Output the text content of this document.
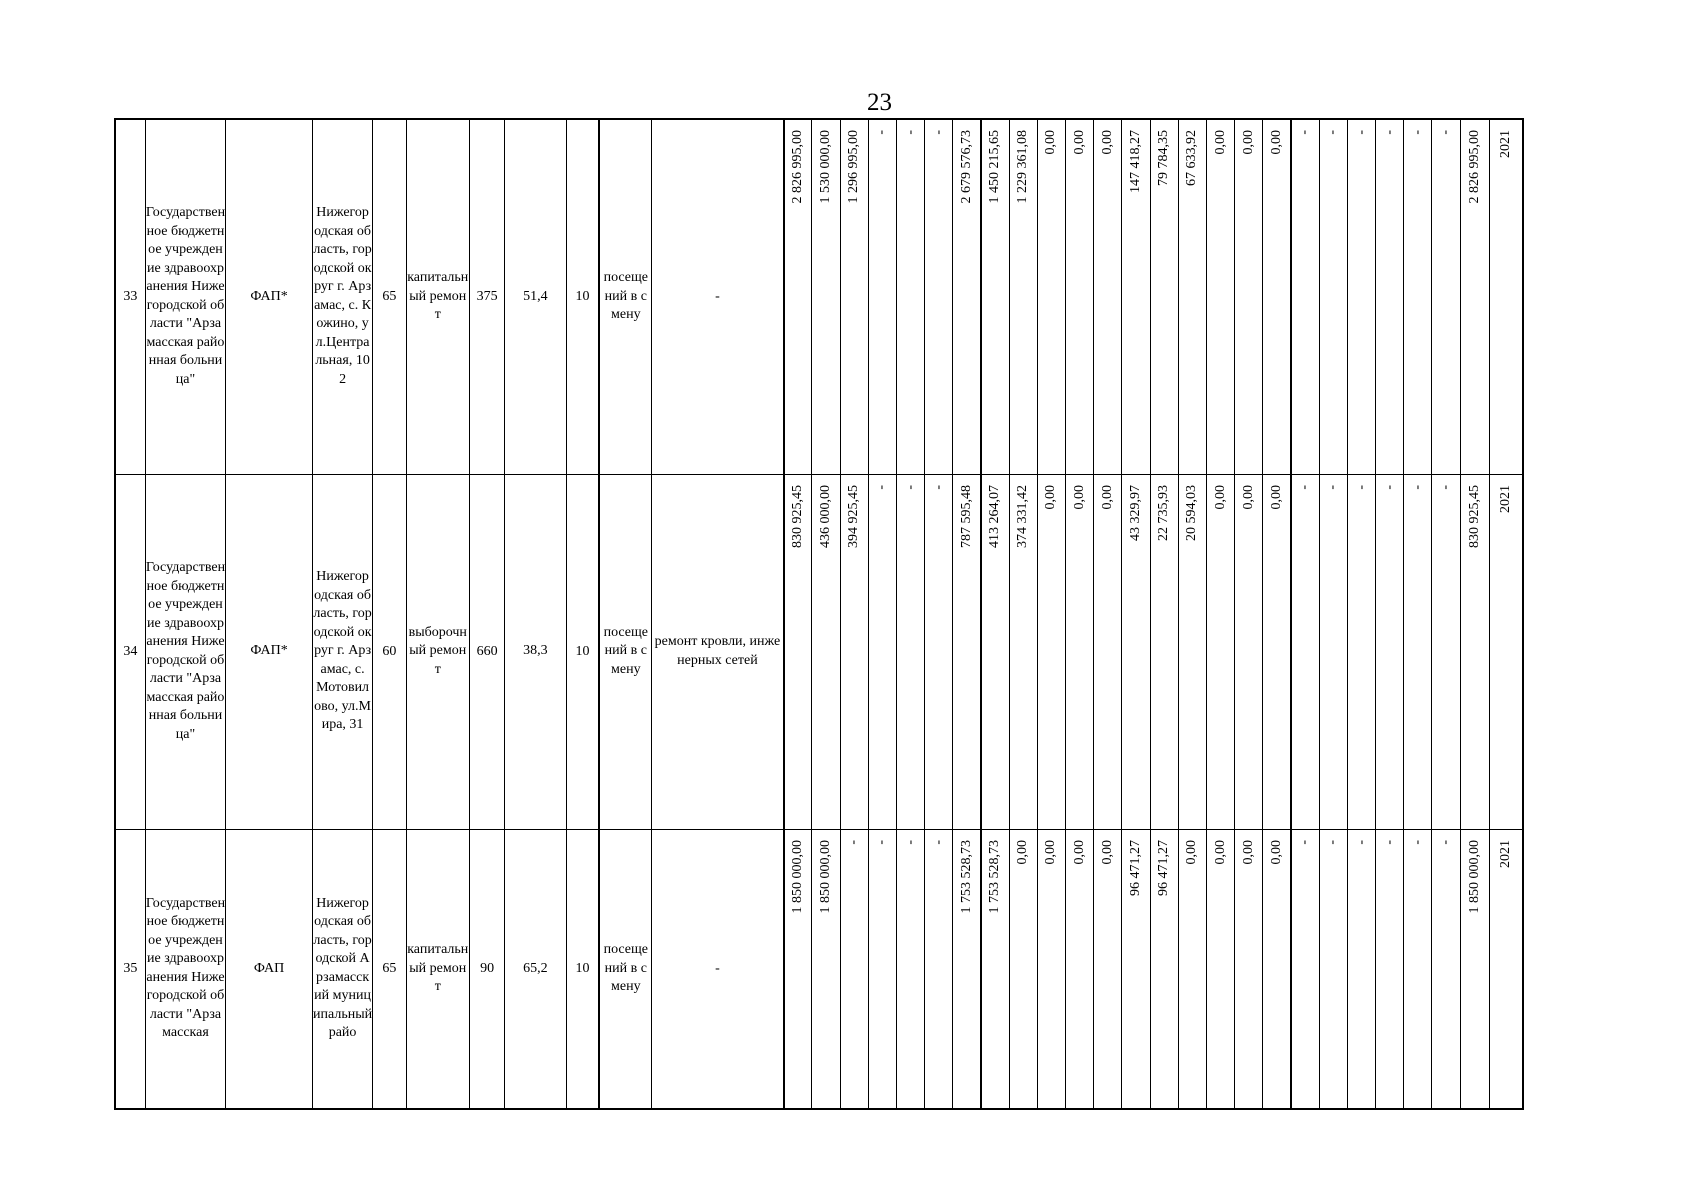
23
33	Государственное бюджетное учреждение здравоохранения Нижегородской области "Арзамасская районная больница"	ФАП*	Нижегородская область, городской округ г. Арзамас, с. Кожино, ул.Центральная, 102	65	капитальный ремонт	375	51,4	10	посещений в смену	-	2 826 995,00	1 530 000,00	1 296 995,00	-	-	-	2 679 576,73	1 450 215,65	1 229 361,08	0,00	0,00	0,00	147 418,27	79 784,35	67 633,92	0,00	0,00	0,00	-	-	-	-	-	-	2 826 995,00	2021

34	Государственное бюджетное учреждение здравоохранения Нижегородской области "Арзамасская районная больница"	ФАП*	Нижегородская область, городской округ г. Арзамас, с. Мотовилово, ул.Мира, 31	60	выборочный ремонт	660	38,3	10	посещений в смену	ремонт кровли, инженерных сетей	830 925,45	436 000,00	394 925,45	-	-	-	787 595,48	413 264,07	374 331,42	0,00	0,00	0,00	43 329,97	22 735,93	20 594,03	0,00	0,00	0,00	-	-	-	-	-	-	830 925,45	2021

35	Государственное бюджетное учреждение здравоохранения Нижегородской области "Арзамасская	ФАП	Нижегородская область, городской Арзамасский муниципальный райо	65	капитальный ремонт	90	65,2	10	посещений в смену	-	1 850 000,00	1 850 000,00	-	-	-	-	1 753 528,73	1 753 528,73	0,00	0,00	0,00	0,00	96 471,27	96 471,27	0,00	0,00	0,00	0,00	-	-	-	-	-	-	1 850 000,00	2021
